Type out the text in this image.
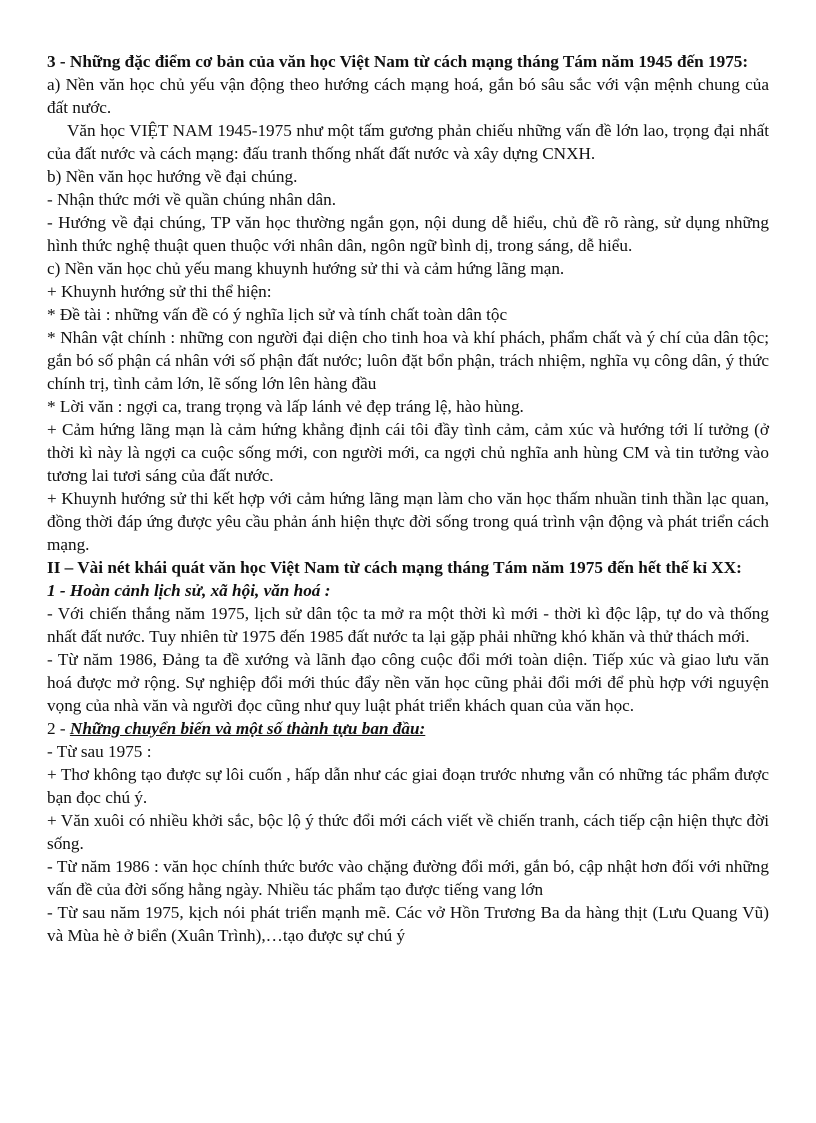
3 - Những đặc điểm cơ bản của văn học Việt Nam từ cách mạng tháng Tám năm 1945 đến 1975:

a) Nền văn học chủ yếu vận động theo hướng cách mạng hoá, gắn bó sâu sắc với vận mệnh chung của đất nước.

Văn học VIỆT NAM 1945-1975 như một tấm gương phản chiếu những vấn đề lớn lao, trọng đại nhất của đất nước và cách mạng: đấu tranh thống nhất đất nước và xây dựng CNXH.

b) Nền văn học hướng về đại chúng.

- Nhận thức mới về quần chúng nhân dân.

- Hướng về đại chúng, TP văn học thường ngắn gọn, nội dung dễ hiểu, chủ đề rõ ràng, sử dụng những hình thức nghệ thuật quen thuộc với nhân dân, ngôn ngữ bình dị, trong sáng, dễ hiểu.

c) Nền văn học chủ yếu mang khuynh hướng sử thi và cảm hứng lãng mạn.

+ Khuynh hướng sử thi thể hiện:

* Đề tài : những vấn đề có ý nghĩa lịch sử và tính chất toàn dân tộc

* Nhân vật chính : những con người đại diện cho tinh hoa và khí phách, phẩm chất và ý chí của dân tộc; gắn bó số phận cá nhân với số phận đất nước; luôn đặt bổn phận, trách nhiệm, nghĩa vụ công dân, ý thức chính trị, tình cảm lớn, lẽ sống lớn lên hàng đầu

* Lời văn : ngợi ca, trang trọng và lấp lánh vẻ đẹp tráng lệ, hào hùng.

+ Cảm hứng lãng mạn là cảm hứng khẳng định cái tôi đầy tình cảm, cảm xúc và hướng tới lí tưởng (ở thời kì này là ngợi ca cuộc sống mới, con người mới, ca ngợi chủ nghĩa anh hùng CM và tin tưởng vào tương lai tươi sáng của đất nước.

+ Khuynh hướng sử thi kết hợp với cảm hứng lãng mạn làm cho văn học thấm nhuần tinh thần lạc quan, đồng thời đáp ứng được yêu cầu phản ánh hiện thực đời sống trong quá trình vận động và phát triển cách mạng.

II – Vài nét khái quát văn học Việt Nam từ cách mạng tháng Tám năm 1975 đến hết thế kỉ XX:

1 - Hoàn cảnh lịch sử, xã hội, văn hoá :

- Với chiến thắng năm 1975, lịch sử dân tộc ta mở ra một thời kì mới - thời kì độc lập, tự do và thống nhất đất nước. Tuy nhiên từ 1975 đến 1985 đất nước ta lại gặp phải những khó khăn và thử thách mới.

- Từ năm 1986, Đảng ta đề xướng và lãnh đạo công cuộc đổi mới toàn diện. Tiếp xúc và giao lưu văn hoá được mở rộng. Sự nghiệp đổi mới thúc đẩy nền văn học cũng phải đổi mới để phù hợp với nguyện vọng của nhà văn và người đọc cũng như quy luật phát triển khách quan của văn học.

2 - Những chuyển biến và một số thành tựu ban đầu:

- Từ sau 1975 :

+ Thơ không tạo được sự lôi cuốn , hấp dẫn như các giai đoạn trước nhưng vẫn có những tác phẩm được bạn đọc chú ý.

+ Văn xuôi có nhiều khởi sắc, bộc lộ ý thức đổi mới cách viết về chiến tranh, cách tiếp cận hiện thực đời sống.

- Từ năm 1986 : văn học chính thức bước vào chặng đường đổi mới, gắn bó, cập nhật hơn đối với những vấn đề của đời sống hằng ngày. Nhiều tác phẩm tạo được tiếng vang lớn

- Từ sau năm 1975, kịch nói phát triển mạnh mẽ. Các vở Hồn Trương Ba da hàng thịt (Lưu Quang Vũ) và Mùa hè ở biển (Xuân Trình),…tạo được sự chú ý
